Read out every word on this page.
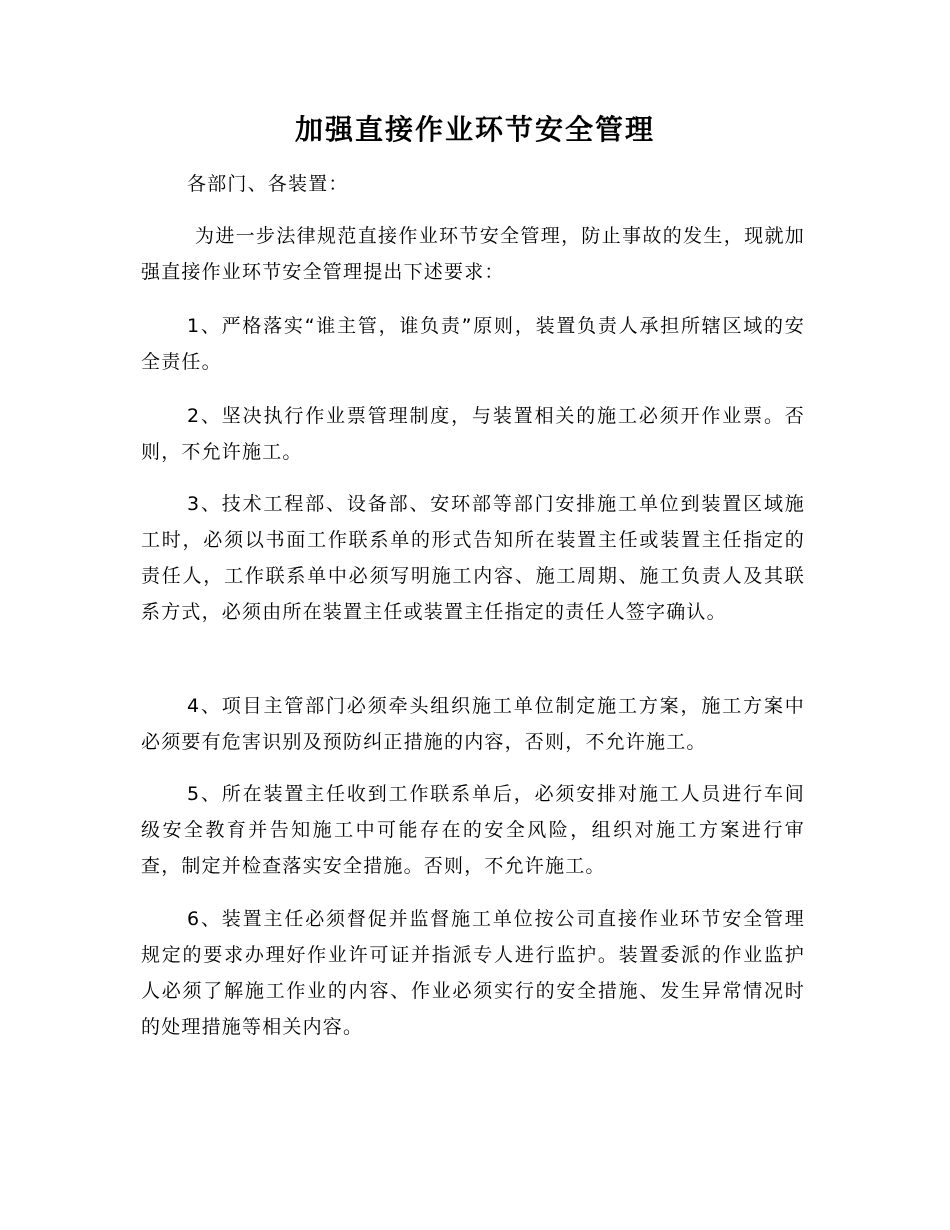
加强直接作业环节安全管理
各部门、各装置：

为进一步法律规范直接作业环节安全管理，防止事故的发生，现就加强直接作业环节安全管理提出下述要求：

1、严格落实“谁主管，谁负责”原则，装置负责人承担所辖区域的安全责任。

2、坚决执行作业票管理制度，与装置相关的施工必须开作业票。否则，不允许施工。

3、技术工程部、设备部、安环部等部门安排施工单位到装置区域施工时，必须以书面工作联系单的形式告知所在装置主任或装置主任指定的责任人，工作联系单中必须写明施工内容、施工周期、施工负责人及其联系方式，必须由所在装置主任或装置主任指定的责任人签字确认。

4、项目主管部门必须牵头组织施工单位制定施工方案，施工方案中必须要有危害识别及预防纠正措施的内容，否则，不允许施工。

5、所在装置主任收到工作联系单后，必须安排对施工人员进行车间级安全教育并告知施工中可能存在的安全风险，组织对施工方案进行审查，制定并检查落实安全措施。否则，不允许施工。

6、装置主任必须督促并监督施工单位按公司直接作业环节安全管理规定的要求办理好作业许可证并指派专人进行监护。装置委派的作业监护人必须了解施工作业的内容、作业必须实行的安全措施、发生异常情况时的处理措施等相关内容。
